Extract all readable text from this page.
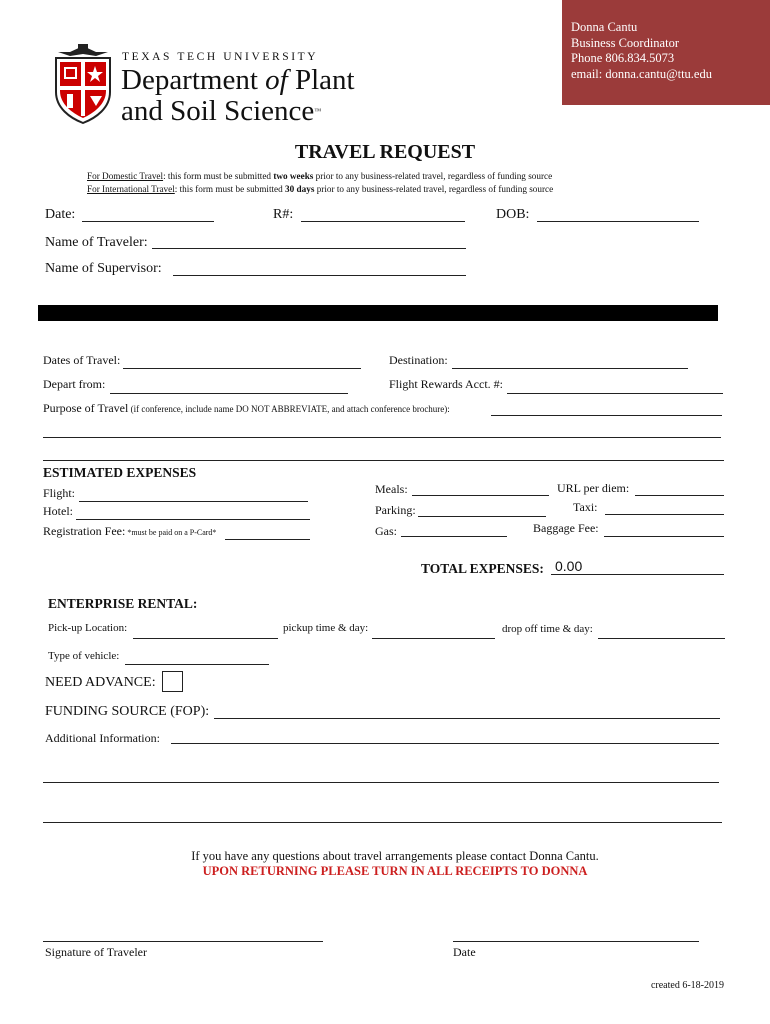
Donna Cantu
Business Coordinator
Phone 806.834.5073
email: donna.cantu@ttu.edu
TEXAS TECH UNIVERSITY
Department of Plant
and Soil Science™
TRAVEL REQUEST
For Domestic Travel: this form must be submitted two weeks prior to any business-related travel, regardless of funding source
For International Travel: this form must be submitted 30 days prior to any business-related travel, regardless of funding source
Date:	R#:	DOB:
Name of Traveler:
Name of Supervisor:
Dates of Travel:	Destination:
Depart from:	Flight Rewards Acct. #:
Purpose of Travel (if conference, include name DO NOT ABBREVIATE, and attach conference brochure):
ESTIMATED EXPENSES
Flight:
Hotel:
Registration Fee: *must be paid on a P-Card*
Meals:
Parking:
Gas:
URL per diem:
Taxi:
Baggage Fee:
TOTAL EXPENSES: 0.00
ENTERPRISE RENTAL:
Pick-up Location:	pickup time & day:	drop off time & day:
Type of vehicle:
NEED ADVANCE:
FUNDING SOURCE (FOP):
Additional Information:
If you have any questions about travel arrangements please contact Donna Cantu.
UPON RETURNING PLEASE TURN IN ALL RECEIPTS TO DONNA
Signature of Traveler	Date
created 6-18-2019
